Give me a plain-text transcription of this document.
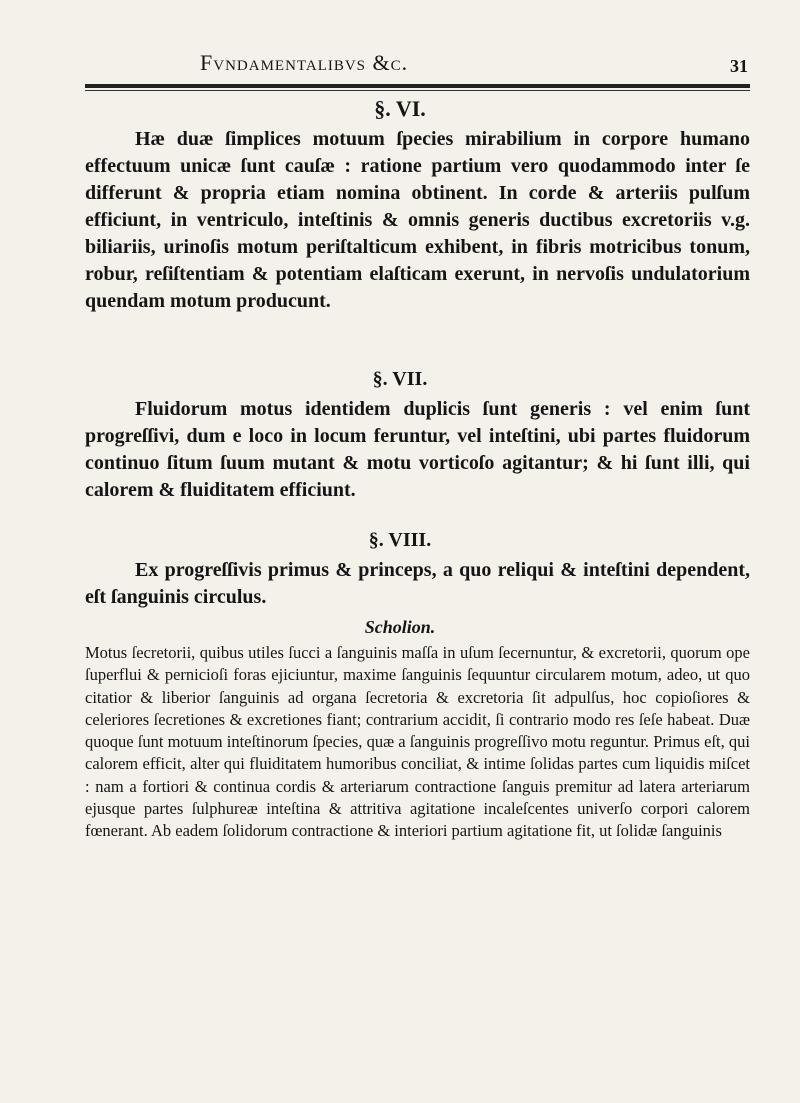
Fvndamentalibvs &c.	31
§. VI.

Hæ duæ ſimplices motuum ſpecies mirabilium in corpore humano effectuum unicæ ſunt cauſæ : ratione partium vero quodammodo inter ſe differunt & propria etiam nomina obtinent. In corde & arteriis pulſum efficiunt, in ventriculo, inteſtinis & omnis generis ductibus excretoriis v.g. biliariis, urinoſis motum periſtalticum exhibent, in fibris motricibus tonum, robur, reſiſtentiam & potentiam elaſticam exerunt, in nervoſis undulatorium quendam motum producunt.

§. VII.

Fluidorum motus identidem duplicis ſunt generis : vel enim ſunt progreſſivi, dum e loco in locum feruntur, vel inteſtini, ubi partes fluidorum continuo ſitum ſuum mutant & motu vorticoſo agitantur; & hi ſunt illi, qui calorem & fluiditatem efficiunt.

§. VIII.

Ex progreſſivis primus & princeps, a quo reliqui & inteſtini dependent, eſt ſanguinis circulus.

Scholion.

Motus ſecretorii, quibus utiles ſucci a ſanguinis maſſa in uſum ſecernuntur, & excretorii, quorum ope ſuperflui & pernicioſi foras ejiciuntur, maxime ſanguinis ſequuntur circularem motum, adeo, ut quo citatior & liberior ſanguinis ad organa ſecretoria & excretoria ſit adpulſus, hoc copioſiores & celeriores ſecretiones & excretiones fiant; contrarium accidit, ſi contrario modo res ſeſe habeat. Duæ quoque ſunt motuum inteſtinorum ſpecies, quæ a ſanguinis progreſſivo motu reguntur. Primus eſt, qui calorem efficit, alter qui fluiditatem humoribus conciliat, & intime ſolidas partes cum liquidis miſcet : nam a fortiori & continua cordis & arteriarum contractione ſanguis premitur ad latera arteriarum ejusque partes ſulphureæ inteſtina & attritiva agitatione incaleſcentes univerſo corpori calorem fœnerant. Ab eadem ſolidorum contractione & interiori partium agitatione fit, ut ſolidæ ſanguinis
